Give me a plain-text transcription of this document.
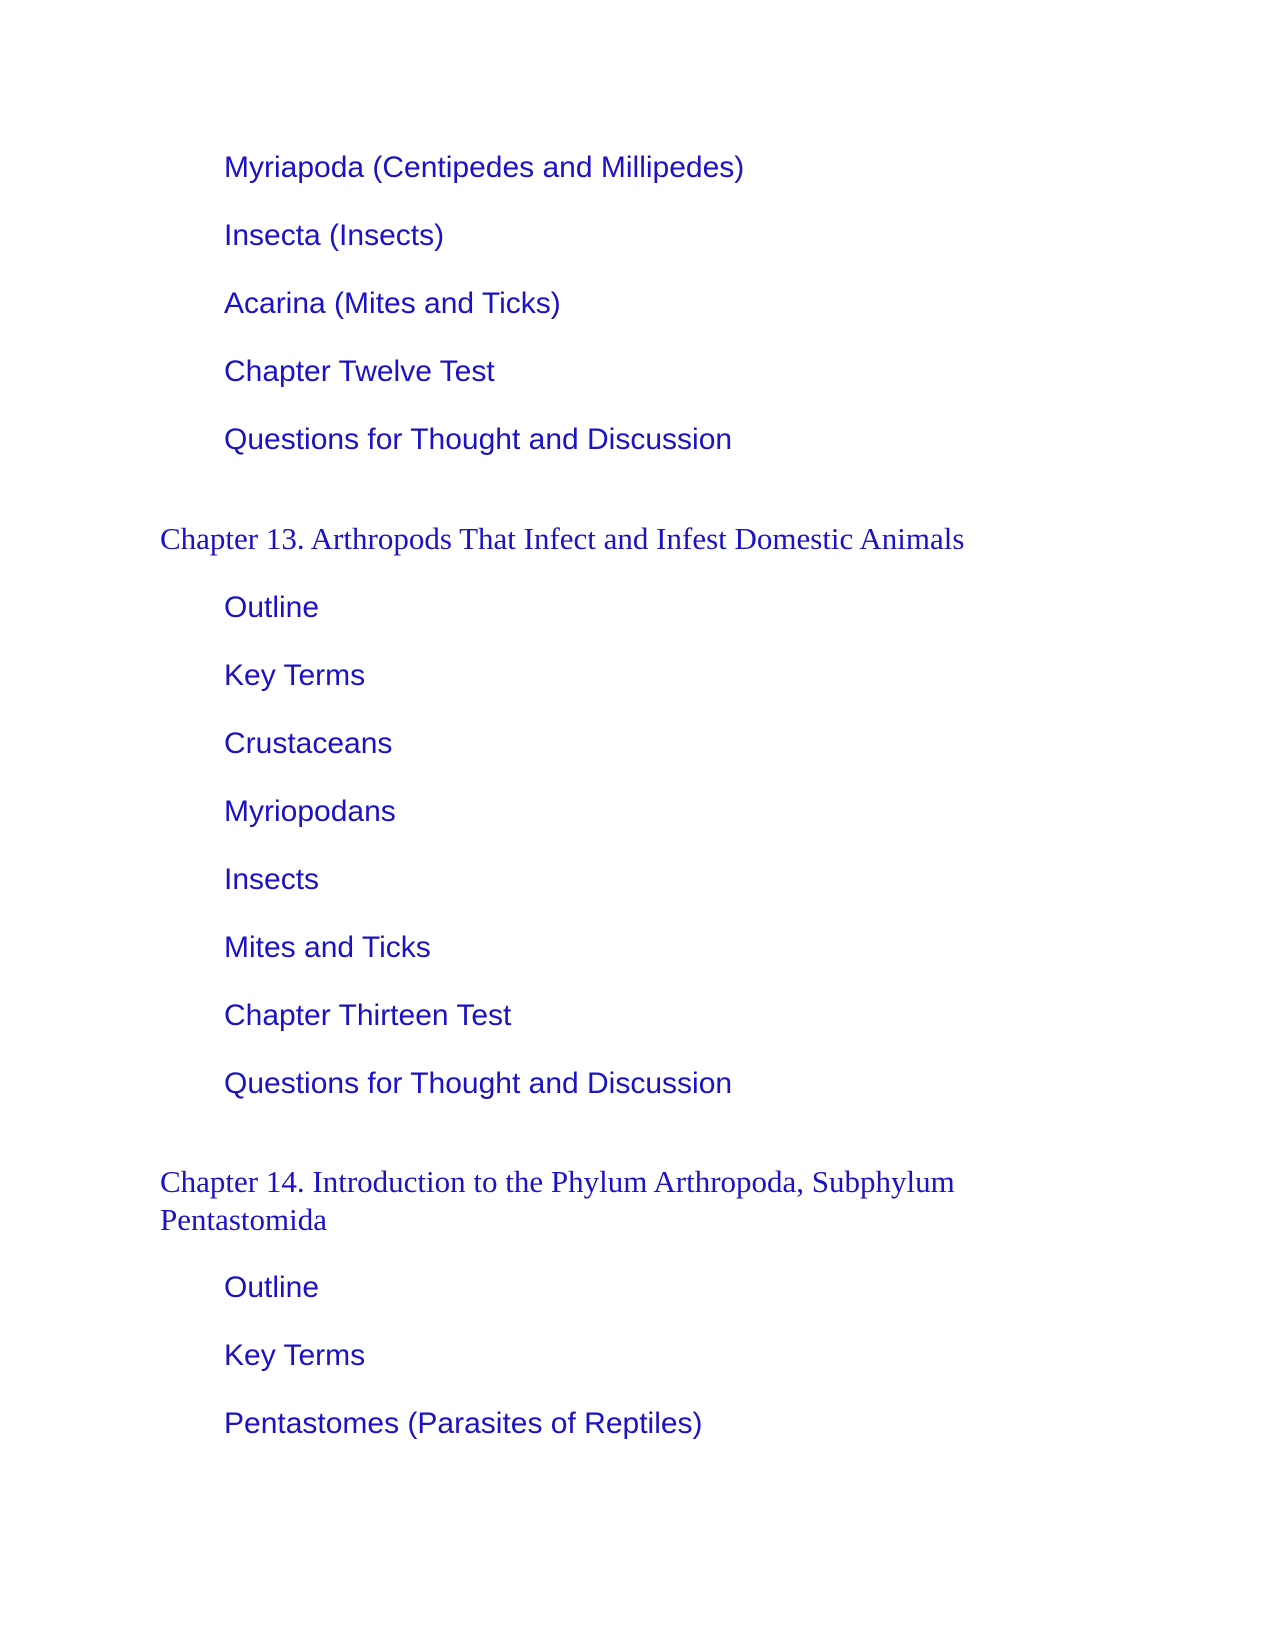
Myriapoda (Centipedes and Millipedes)
Insecta (Insects)
Acarina (Mites and Ticks)
Chapter Twelve Test
Questions for Thought and Discussion
Chapter 13. Arthropods That Infect and Infest Domestic Animals
Outline
Key Terms
Crustaceans
Myriopodans
Insects
Mites and Ticks
Chapter Thirteen Test
Questions for Thought and Discussion
Chapter 14. Introduction to the Phylum Arthropoda, Subphylum Pentastomida
Outline
Key Terms
Pentastomes (Parasites of Reptiles)
